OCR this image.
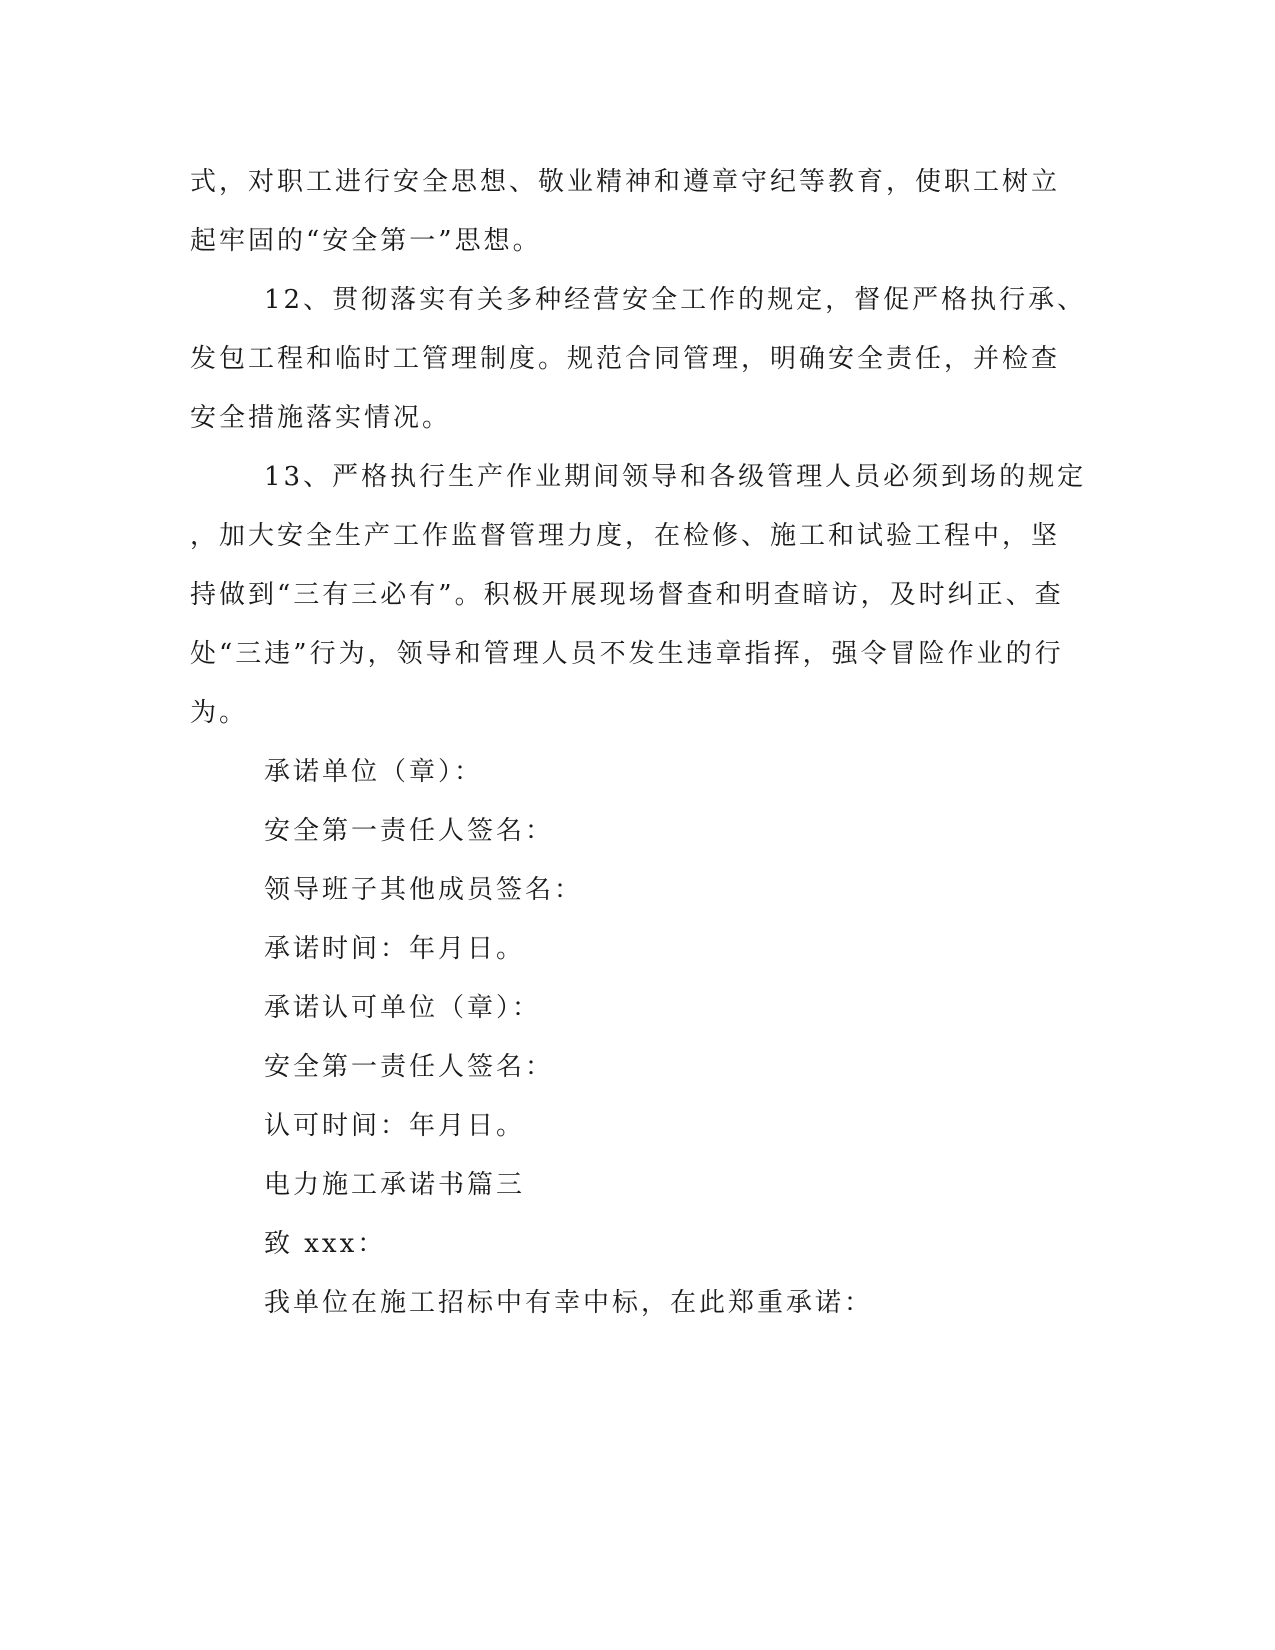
式，对职工进行安全思想、敬业精神和遵章守纪等教育，使职工树立
起牢固的“安全第一”思想。
12、贯彻落实有关多种经营安全工作的规定，督促严格执行承、
发包工程和临时工管理制度。规范合同管理，明确安全责任，并检查
安全措施落实情况。
13、严格执行生产作业期间领导和各级管理人员必须到场的规定
，加大安全生产工作监督管理力度，在检修、施工和试验工程中，坚
持做到“三有三必有”。积极开展现场督查和明查暗访，及时纠正、查
处“三违”行为，领导和管理人员不发生违章指挥，强令冒险作业的行
为。
承诺单位（章）：
安全第一责任人签名：
领导班子其他成员签名：
承诺时间：年月日。
承诺认可单位（章）：
安全第一责任人签名：
认可时间：年月日。
电力施工承诺书篇三
致 xxx：
我单位在施工招标中有幸中标，在此郑重承诺：
